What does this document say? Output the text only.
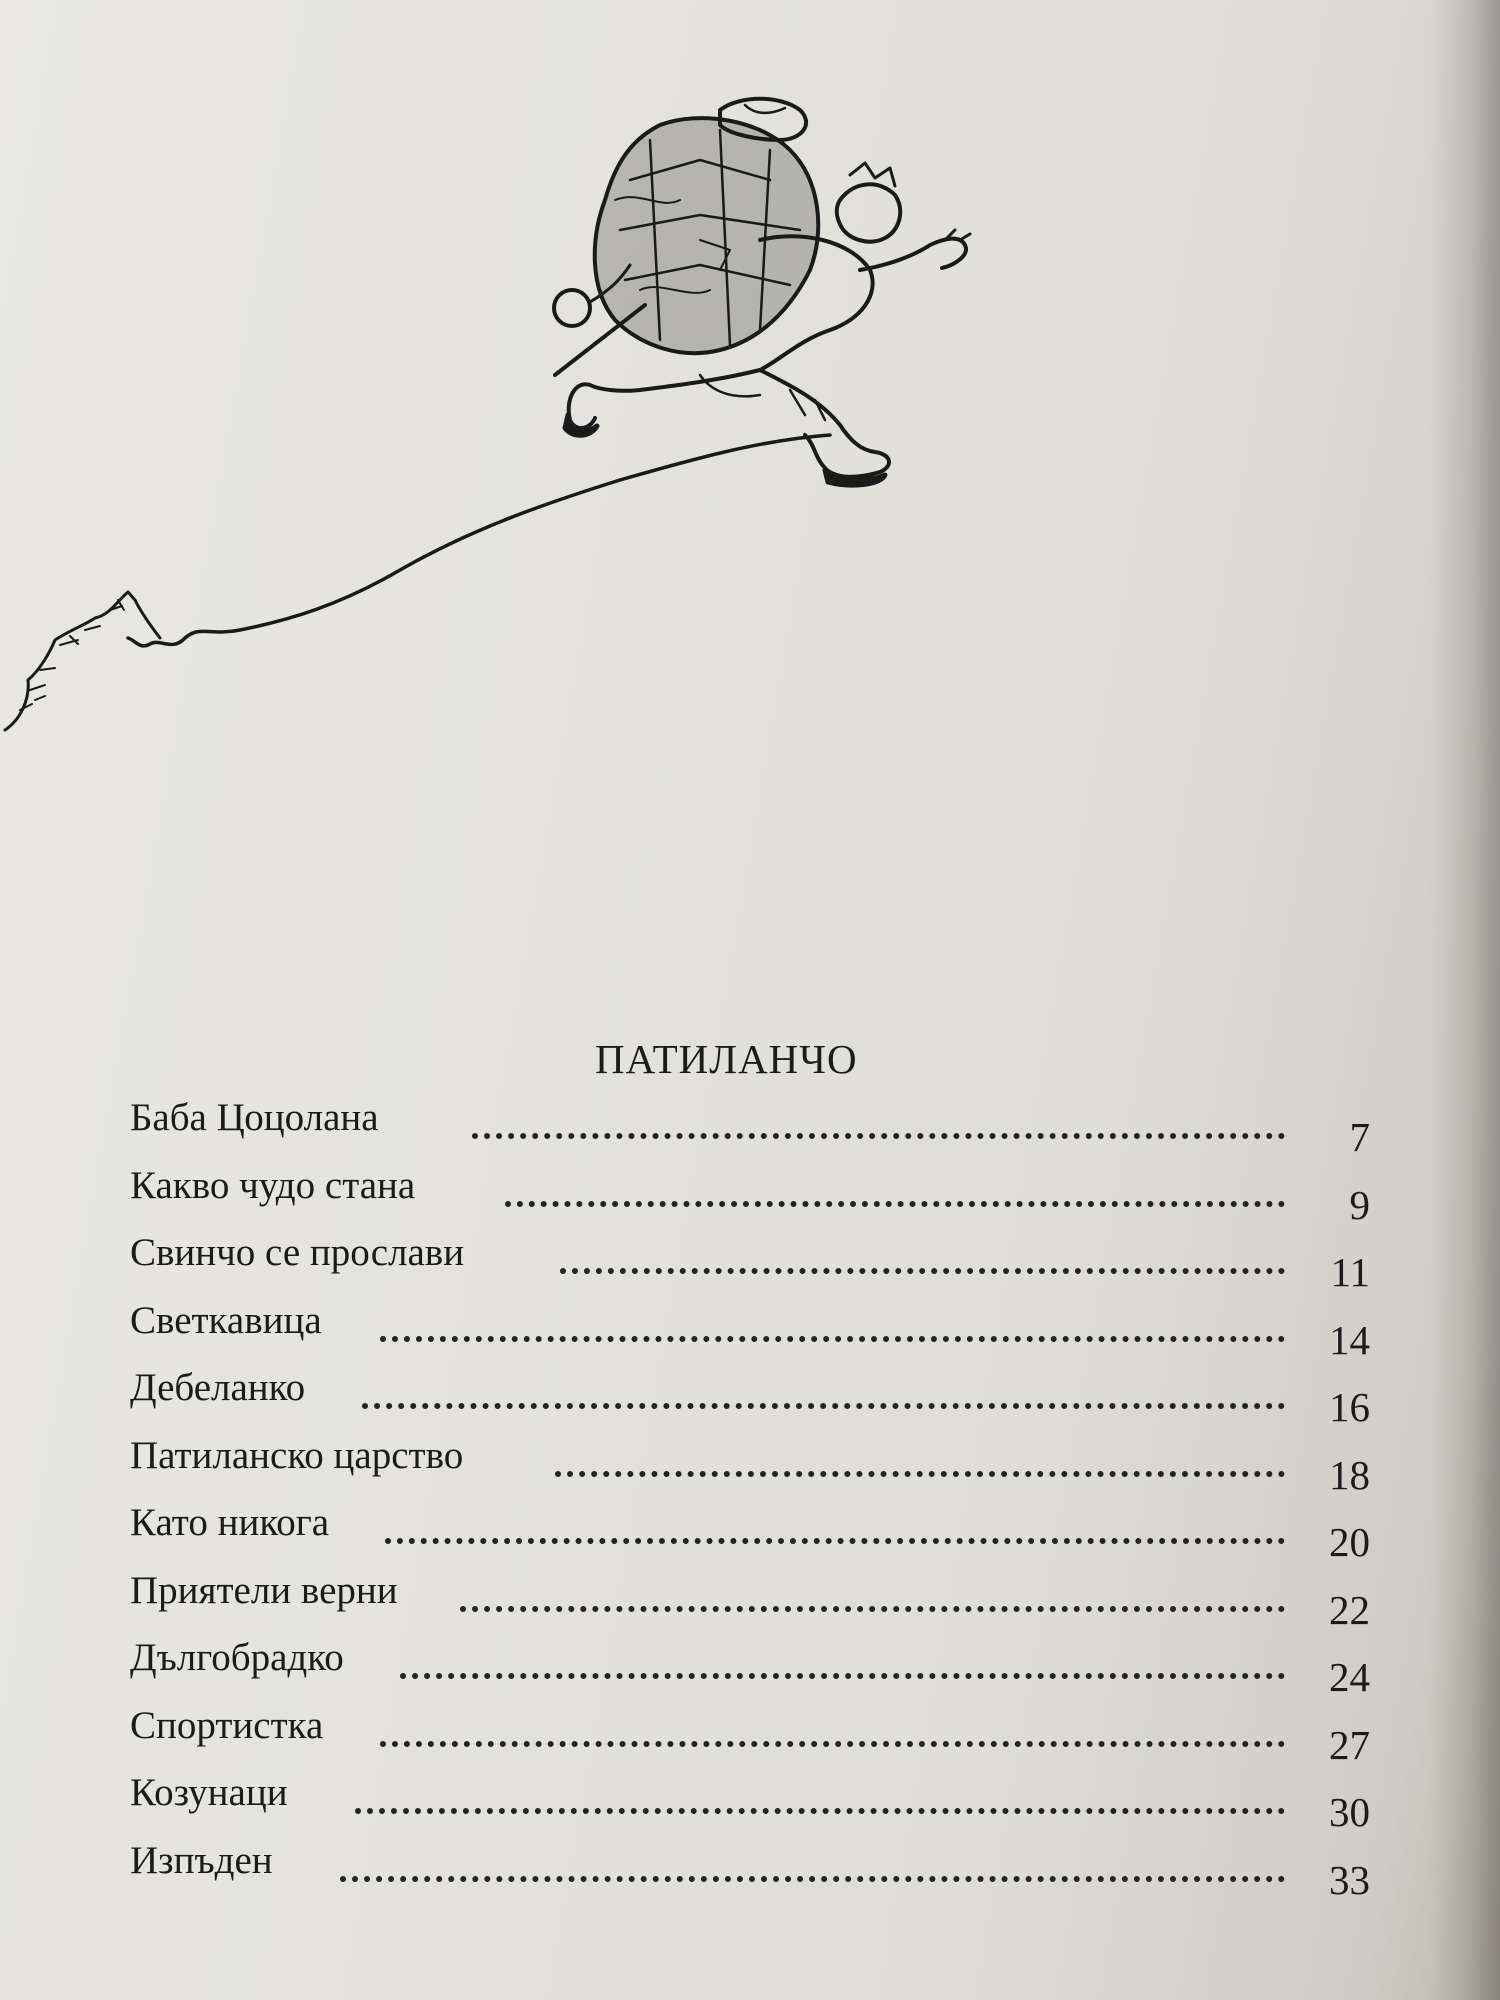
ПАТИЛАНЧО
Баба Цоцолана	7
Какво чудо стана	9
Свинчо се прослави	11
Светкавица	14
Дебеланко	16
Патиланско царство	18
Като никога	20
Приятели верни	22
Дългобрадко	24
Спортистка	27
Козунаци	30
Изпъден	33
